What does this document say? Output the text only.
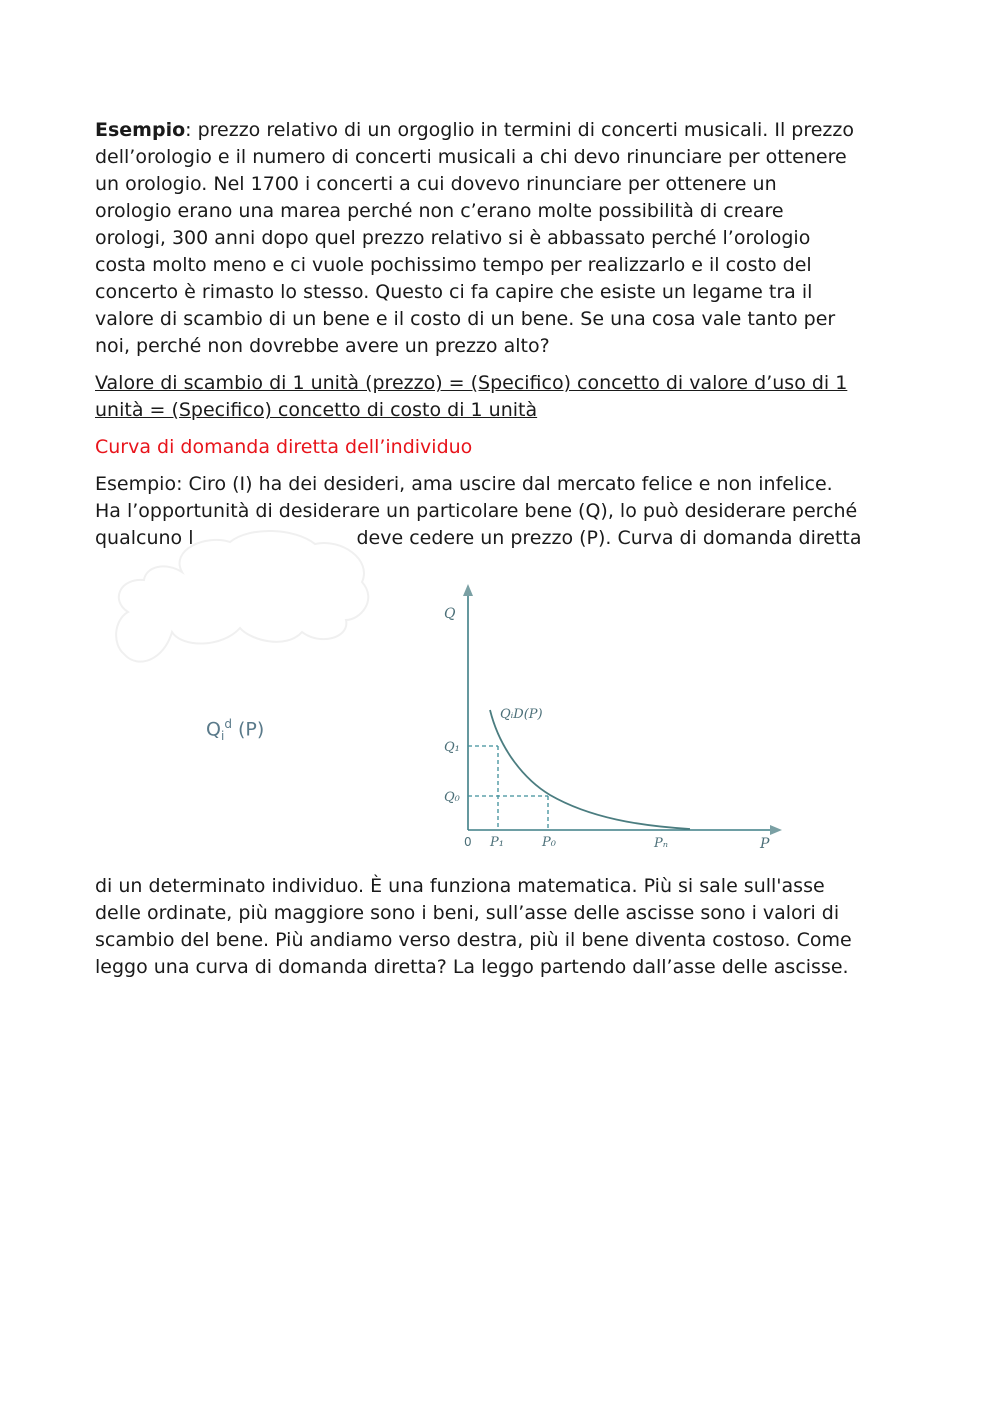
Esempio: prezzo relativo di un orgoglio in termini di concerti musicali. Il prezzo
dell’orologio e il numero di concerti musicali a chi devo rinunciare per ottenere
un orologio. Nel 1700 i concerti a cui dovevo rinunciare per ottenere un
orologio erano una marea perché non c’erano molte possibilità di creare
orologi, 300 anni dopo quel prezzo relativo si è abbassato perché l’orologio
costa molto meno e ci vuole pochissimo tempo per realizzarlo e il costo del
concerto è rimasto lo stesso. Questo ci fa capire che esiste un legame tra il
valore di scambio di un bene e il costo di un bene. Se una cosa vale tanto per
noi, perché non dovrebbe avere un prezzo alto?

Valore di scambio di 1 unità (prezzo) = (Specifico) concetto di valore d’uso di 1
unità = (Specifico) concetto di costo di 1 unità

Curva di domanda diretta dell’individuo

Esempio: Ciro (I) ha dei desideri, ama uscire dal mercato felice e non infelice.
Ha l’opportunità di desiderare un particolare bene (Q), lo può desiderare perché
qualcuno l	deve cedere un prezzo (P). Curva di domanda diretta

$Q_i^d$ (P)
Q
P
0
Q₁
Q₀
P₁	P₀	Pₙ
QᵢD(P)
di un determinato individuo. È una funziona matematica. Più si sale sull'asse
delle ordinate, più maggiore sono i beni, sull’asse delle ascisse sono i valori di
scambio del bene. Più andiamo verso destra, più il bene diventa costoso. Come
leggo una curva di domanda diretta? La leggo partendo dall’asse delle ascisse.
